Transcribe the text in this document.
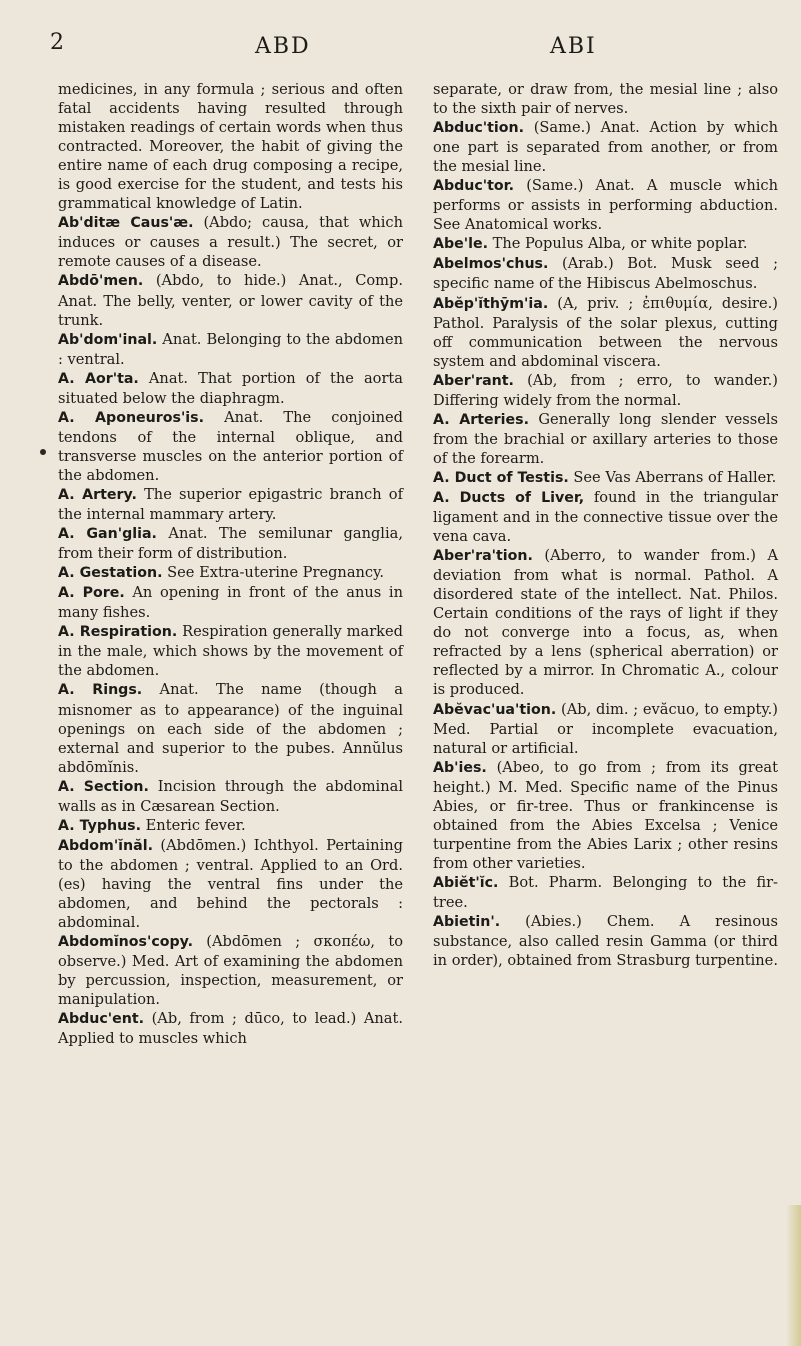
2	ABD	ABI

medicines, in any formula ; serious and often fatal accidents having resulted through mistaken readings of certain words when thus contracted. Moreover, the habit of giving the entire name of each drug composing a recipe, is good exercise for the student, and tests his grammatical knowledge of Latin.

Ab'ditæ Caus'æ. (Abdo; causa, that which induces or causes a result.) The secret, or remote causes of a disease.

Abdō'men. (Abdo, to hide.) Anat., Comp. Anat. The belly, venter, or lower cavity of the trunk.

Ab'dom'inal. Anat. Belonging to the abdomen : ventral.

A. Aor'ta. Anat. That portion of the aorta situated below the diaphragm.

A. Aponeuros'is. Anat. The conjoined tendons of the internal oblique, and transverse muscles on the anterior portion of the abdomen.

A. Artery. The superior epigastric branch of the internal mammary artery.

A. Gan'glia. Anat. The semilunar ganglia, from their form of distribution.

A. Gestation. See Extra-uterine Pregnancy.

A. Pore. An opening in front of the anus in many fishes.

A. Respiration. Respiration generally marked in the male, which shows by the movement of the abdomen.

A. Rings. Anat. The name (though a misnomer as to appearance) of the inguinal openings on each side of the abdomen ; external and superior to the pubes. Annŭlus abdōmĭnis.

A. Section. Incision through the abdominal walls as in Cæsarean Section.

A. Typhus. Enteric fever.

Abdom'ĭnăl. (Abdōmen.) Ichthyol. Pertaining to the abdomen ; ventral. Applied to an Ord. (es) having the ventral fins under the abdomen, and behind the pectorals : abdominal.

Abdomĭnos'copy. (Abdōmen ; σκοπέω, to observe.) Med. Art of examining the abdomen by percussion, inspection, measurement, or manipulation.

Abduc'ent. (Ab, from ; dūco, to lead.) Anat. Applied to muscles which

separate, or draw from, the mesial line ; also to the sixth pair of nerves.

Abduc'tion. (Same.) Anat. Action by which one part is separated from another, or from the mesial line.

Abduc'tor. (Same.) Anat. A muscle which performs or assists in performing abduction. See Anatomical works.

Abe'le. The Populus Alba, or white poplar.

Abelmos'chus. (Arab.) Bot. Musk seed ; specific name of the Hibiscus Abelmoschus.

Abĕp'ĭthȳm'ia. (A, priv. ; ἐπιθυμία, desire.) Pathol. Paralysis of the solar plexus, cutting off communication between the nervous system and abdominal viscera.

Aber'rant. (Ab, from ; erro, to wander.) Differing widely from the normal.

A. Arteries. Generally long slender vessels from the brachial or axillary arteries to those of the forearm.

A. Duct of Testis. See Vas Aberrans of Haller.

A. Ducts of Liver, found in the triangular ligament and in the connective tissue over the vena cava.

Aber'ra'tion. (Aberro, to wander from.) A deviation from what is normal. Pathol. A disordered state of the intellect. Nat. Philos. Certain conditions of the rays of light if they do not converge into a focus, as, when refracted by a lens (spherical aberration) or reflected by a mirror. In Chromatic A., colour is produced.

Abĕvac'ua'tion. (Ab, dim. ; evăcuo, to empty.) Med. Partial or incomplete evacuation, natural or artificial.

Ab'ies. (Abeo, to go from ; from its great height.) M. Med. Specific name of the Pinus Abies, or fir-tree. Thus or frankincense is obtained from the Abies Excelsa ; Venice turpentine from the Abies Larix ; other resins from other varieties.

Abiĕt'ĭc. Bot. Pharm. Belonging to the fir-tree.

Abietin'. (Abies.) Chem. A resinous substance, also called resin Gamma (or third in order), obtained from Strasburg turpentine.
